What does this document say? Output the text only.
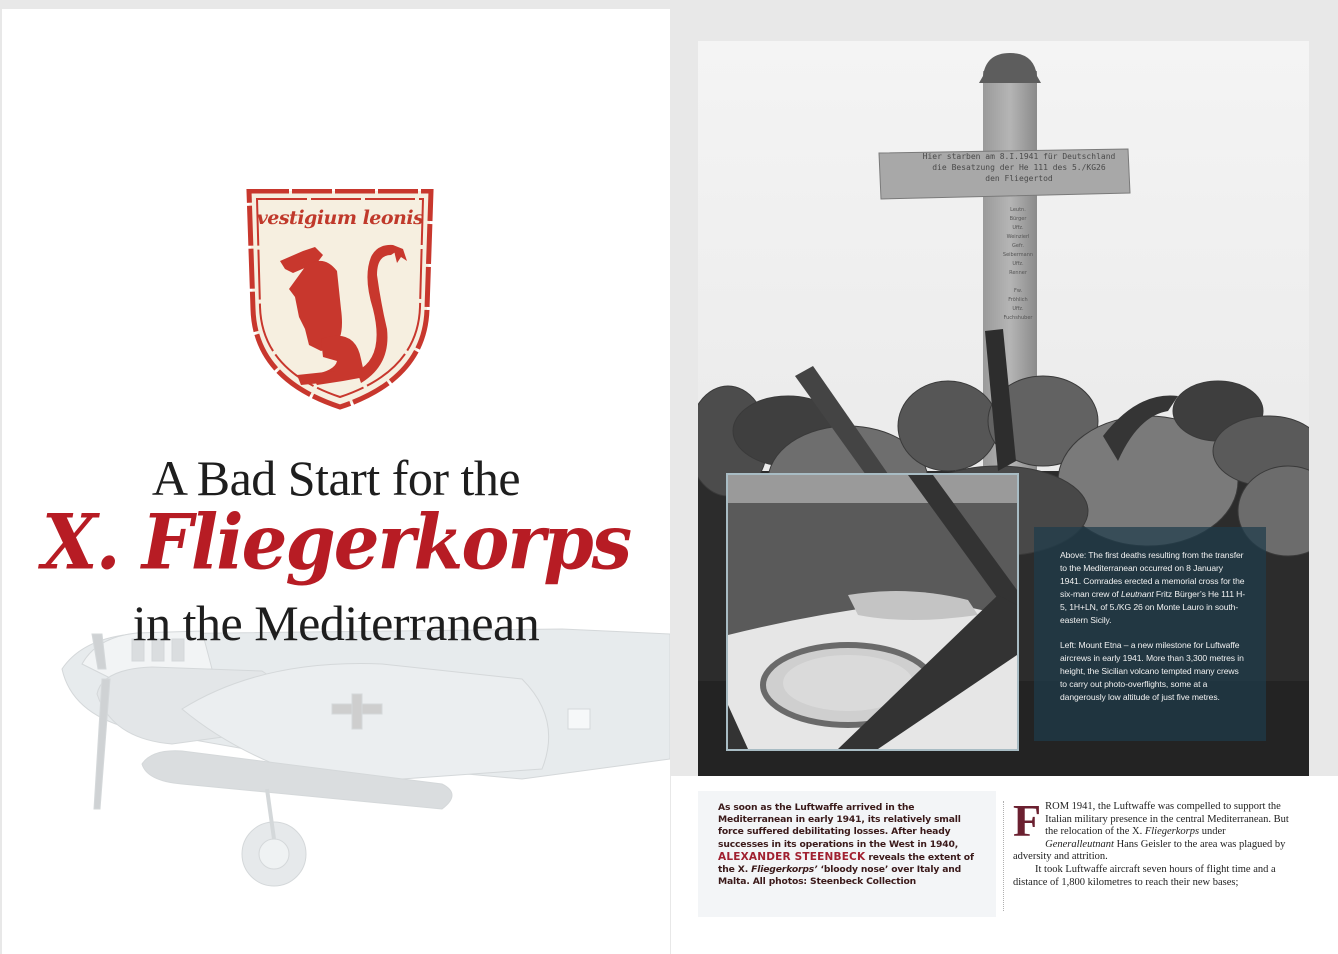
vestigium leonis
A Bad Start for the
X. Fliegerkorps
in the Mediterranean
Hier starben am 8.I.1941 für Deutschland
die Besatzung der He 111 des 5./KG26
den Fliegertod
Leutn.
Bürger
Uffz.
Weinzierl
Gefr.
Seibermann
Uffz.
Renner

Fw.
Fröhlich
Uffz.
Fuchshuber

Above: The first deaths resulting from the transfer to the Mediterranean occurred on 8 January 1941. Comrades erected a memorial cross for the six-man crew of Leutnant Fritz Bürger’s He 111 H-5, 1H+LN, of 5./KG 26 on Monte Lauro in south-eastern Sicily.

Left: Mount Etna – a new milestone for Luftwaffe aircrews in early 1941. More than 3,300 metres in height, the Sicilian volcano tempted many crews to carry out photo-overflights, some at a dangerously low altitude of just five metres.

As soon as the Luftwaffe arrived in the Mediterranean in early 1941, its relatively small force suffered debilitating losses. After heady successes in its operations in the West in 1940, ALEXANDER STEENBECK reveals the extent of the X. Fliegerkorps’ ‘bloody nose’ over Italy and Malta. All photos: Steenbeck Collection
F ROM 1941, the Luftwaffe was compelled to support the Italian military presence in the central Mediterranean. But the relocation of the X. Fliegerkorps under Generalleutnant Hans Geisler to the area was plagued by adversity and attrition.

It took Luftwaffe aircraft seven hours of flight time and a distance of 1,800 kilometres to reach their new bases;
